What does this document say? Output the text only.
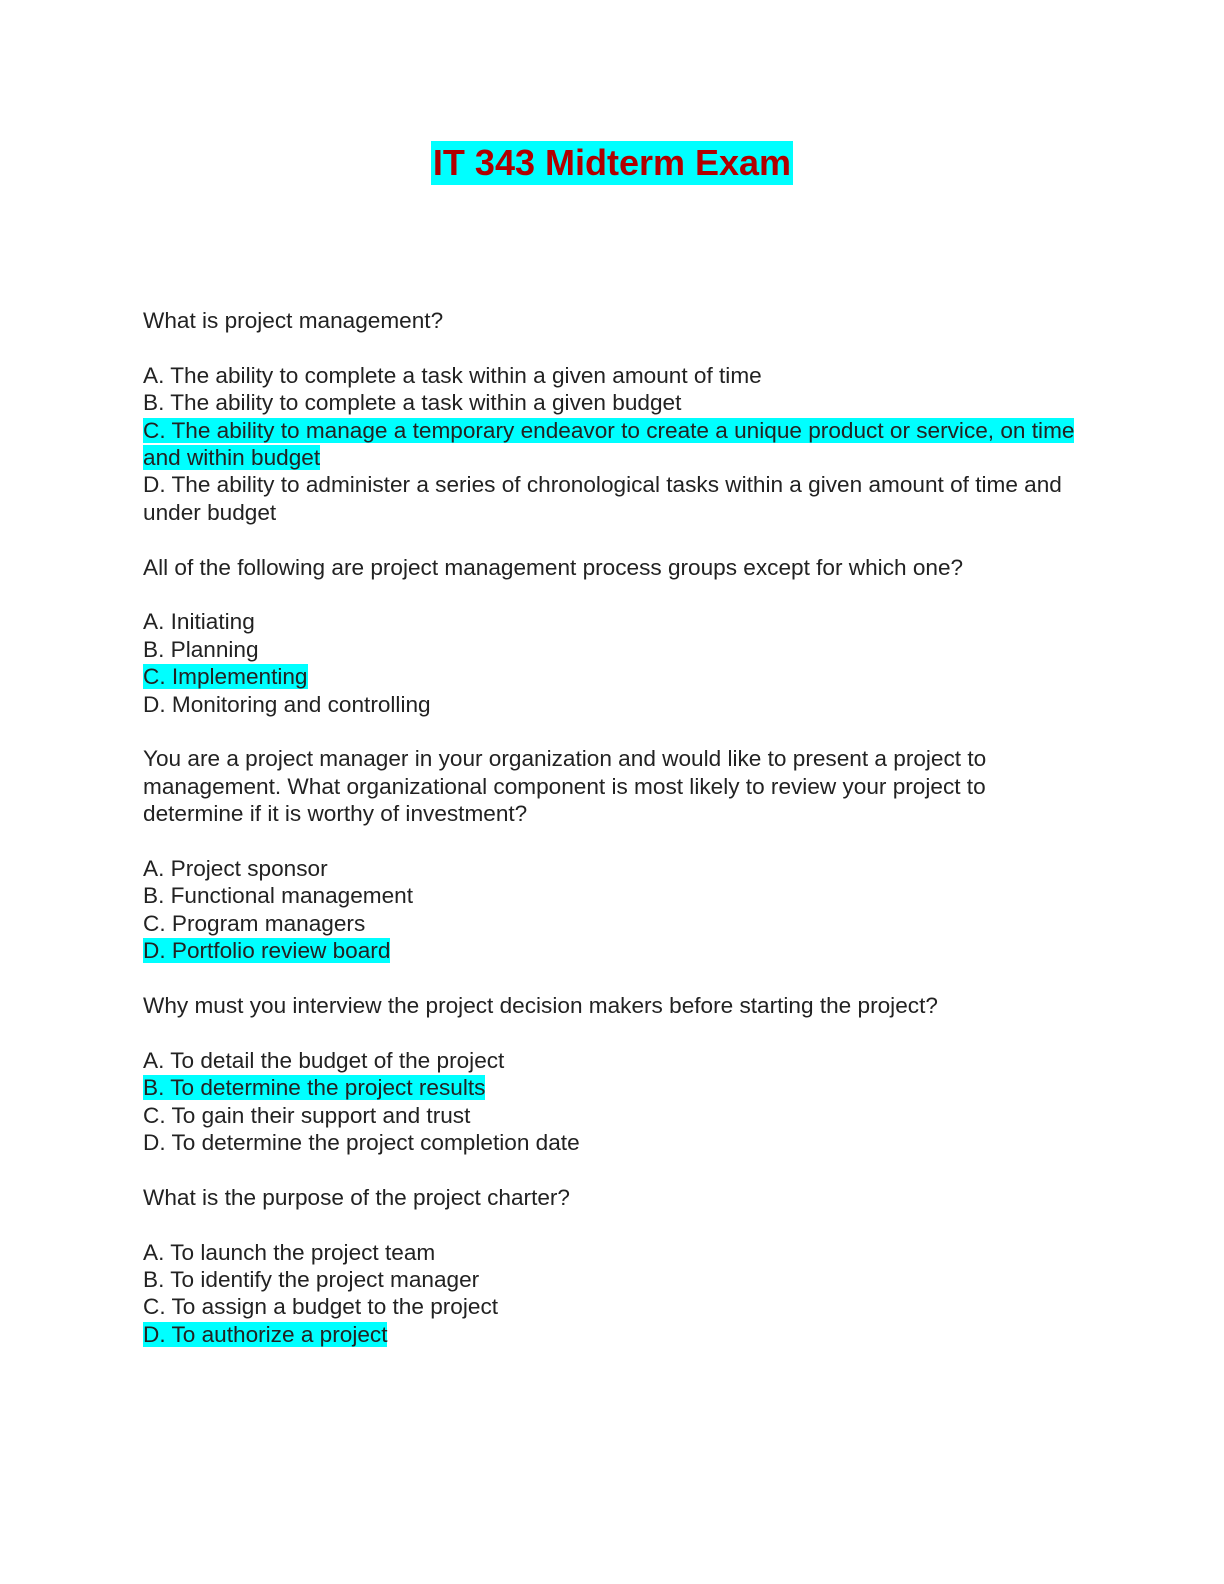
IT 343 Midterm Exam
What is project management?
A. The ability to complete a task within a given amount of time
B. The ability to complete a task within a given budget
C. The ability to manage a temporary endeavor to create a unique product or service, on time and within budget
D. The ability to administer a series of chronological tasks within a given amount of time and under budget
All of the following are project management process groups except for which one?
A. Initiating
B. Planning
C. Implementing
D. Monitoring and controlling
You are a project manager in your organization and would like to present a project to management. What organizational component is most likely to review your project to determine if it is worthy of investment?
A. Project sponsor
B. Functional management
C. Program managers
D. Portfolio review board
Why must you interview the project decision makers before starting the project?
A. To detail the budget of the project
B. To determine the project results
C. To gain their support and trust
D. To determine the project completion date
What is the purpose of the project charter?
A. To launch the project team
B. To identify the project manager
C. To assign a budget to the project
D. To authorize a project
